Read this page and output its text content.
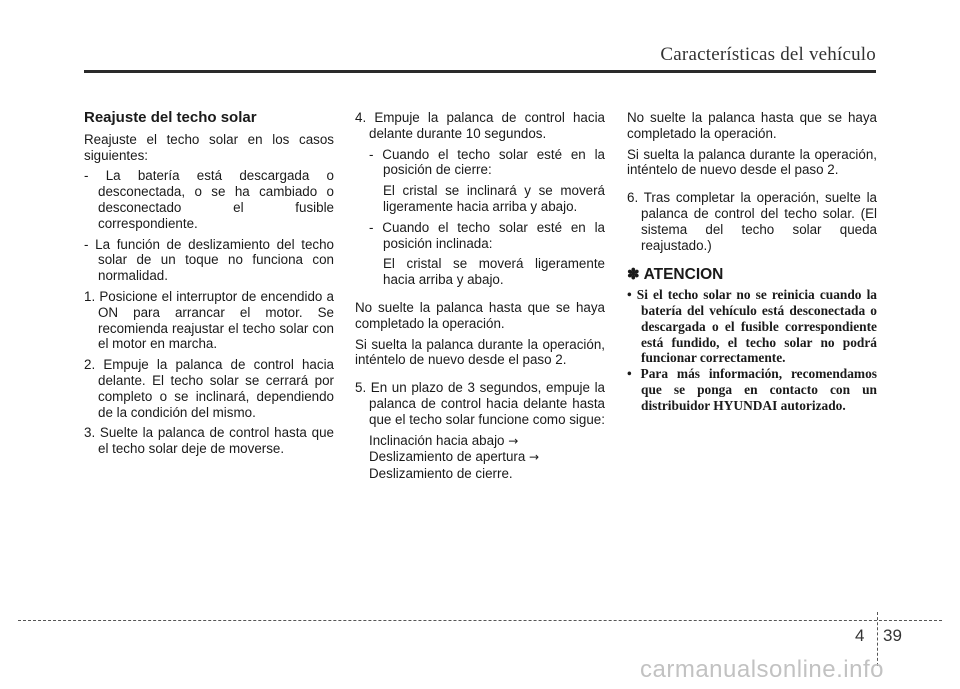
Características del vehículo
Reajuste del techo solar

Reajuste el techo solar en los casos siguientes:

- La batería está descargada o desconectada, o se ha cambiado o desconectado el fusible correspondiente.

- La función de deslizamiento del techo solar de un toque no funciona con normalidad.

1. Posicione el interruptor de encendido a ON para arrancar el motor. Se recomienda reajustar el techo solar con el motor en marcha.

2. Empuje la palanca de control hacia delante. El techo solar se cerrará por completo o se inclinará, dependiendo de la condición del mismo.

3. Suelte la palanca de control hasta que el techo solar deje de moverse.

4. Empuje la palanca de control hacia delante durante 10 segundos.

- Cuando el techo solar esté en la posición de cierre:

El cristal se inclinará y se moverá ligeramente hacia arriba y abajo.

- Cuando el techo solar esté en la posición inclinada:

El cristal se moverá ligeramente hacia arriba y abajo.

No suelte la palanca hasta que se haya completado la operación.

Si suelta la palanca durante la operación, inténtelo de nuevo desde el paso 2.

5. En un plazo de 3 segundos, empuje la palanca de control hacia delante hasta que el techo solar funcione como sigue:

Inclinación hacia abajo →
Deslizamiento de apertura →
Deslizamiento de cierre.

No suelte la palanca hasta que se haya completado la operación.

Si suelta la palanca durante la operación, inténtelo de nuevo desde el paso 2.

6. Tras completar la operación, suelte la palanca de control del techo solar. (El sistema del techo solar queda reajustado.)

✽ ATENCION

• Si el techo solar no se reinicia cuando la batería del vehículo está desconectada o descargada o el fusible correspondiente está fundido, el techo solar no podrá funcionar correctamente.

• Para más información, recomendamos que se ponga en contacto con un distribuidor HYUNDAI autorizado.

4 39
carmanualsonline.info
